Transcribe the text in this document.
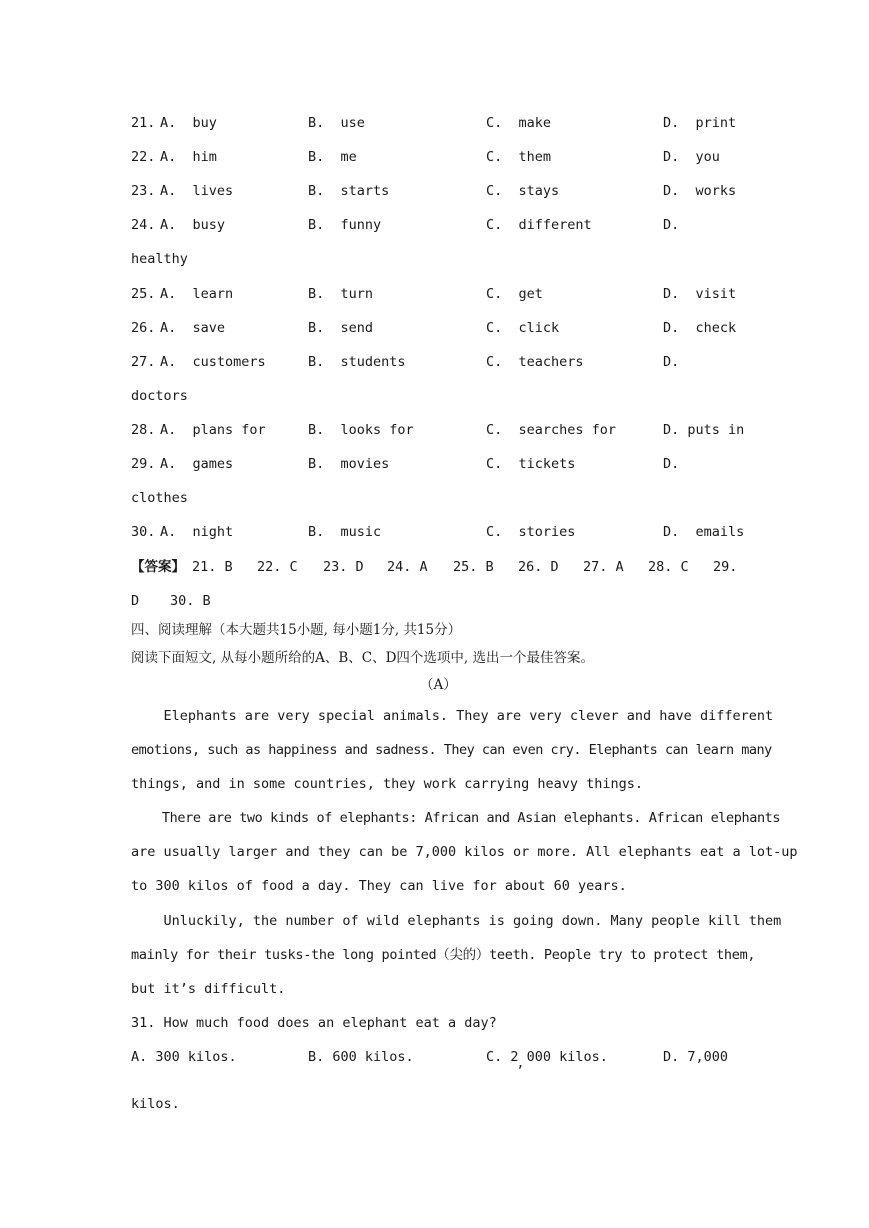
21. A.  buy	B.  use	C.  make	D.  print
22. A.  him	B.  me	C.  them	D.  you
23. A.  lives	B.  starts	C.  stays	D.  works
24. A.  busy	B.  funny	C.  different	D.
healthy
25. A.  learn	B.  turn	C.  get	D.  visit
26. A.  save	B.  send	C.  click	D.  check
27. A.  customers	B.  students	C.  teachers	D.
doctors
28. A.  plans for	B.  looks for	C.  searches for	D. puts in
29. A.  games	B.  movies	C.  tickets	D.
clothes
30. A.  night	B.  music	C.  stories	D.  emails
【答案】 21. B 22. C 23. D 24. A 25. B 26. D 27. A 28. C 29.
D 30. B
四、阅读理解（本大题共15小题, 每小题1分, 共15分）
阅读下面短文, 从每小题所给的A、B、C、D四个选项中, 选出一个最佳答案。
（A）
Elephants are very special animals. They are very clever and have different
emotions, such as happiness and sadness. They can even cry. Elephants can learn many
things, and in some countries, they work carrying heavy things.
There are two kinds of elephants: African and Asian elephants. African elephants
are usually larger and they can be 7,000 kilos or more. All elephants eat a lot-up
to 300 kilos of food a day. They can live for about 60 years.
Unluckily, the number of wild elephants is going down. Many people kill them
mainly for their tusks-the long pointed（尖的）teeth. People try to protect them,
but it’s difficult.
31. How much food does an elephant eat a day?
A. 300 kilos.	B. 600 kilos.	C. 2 000 kilos.
’
D. 7,000
kilos.
